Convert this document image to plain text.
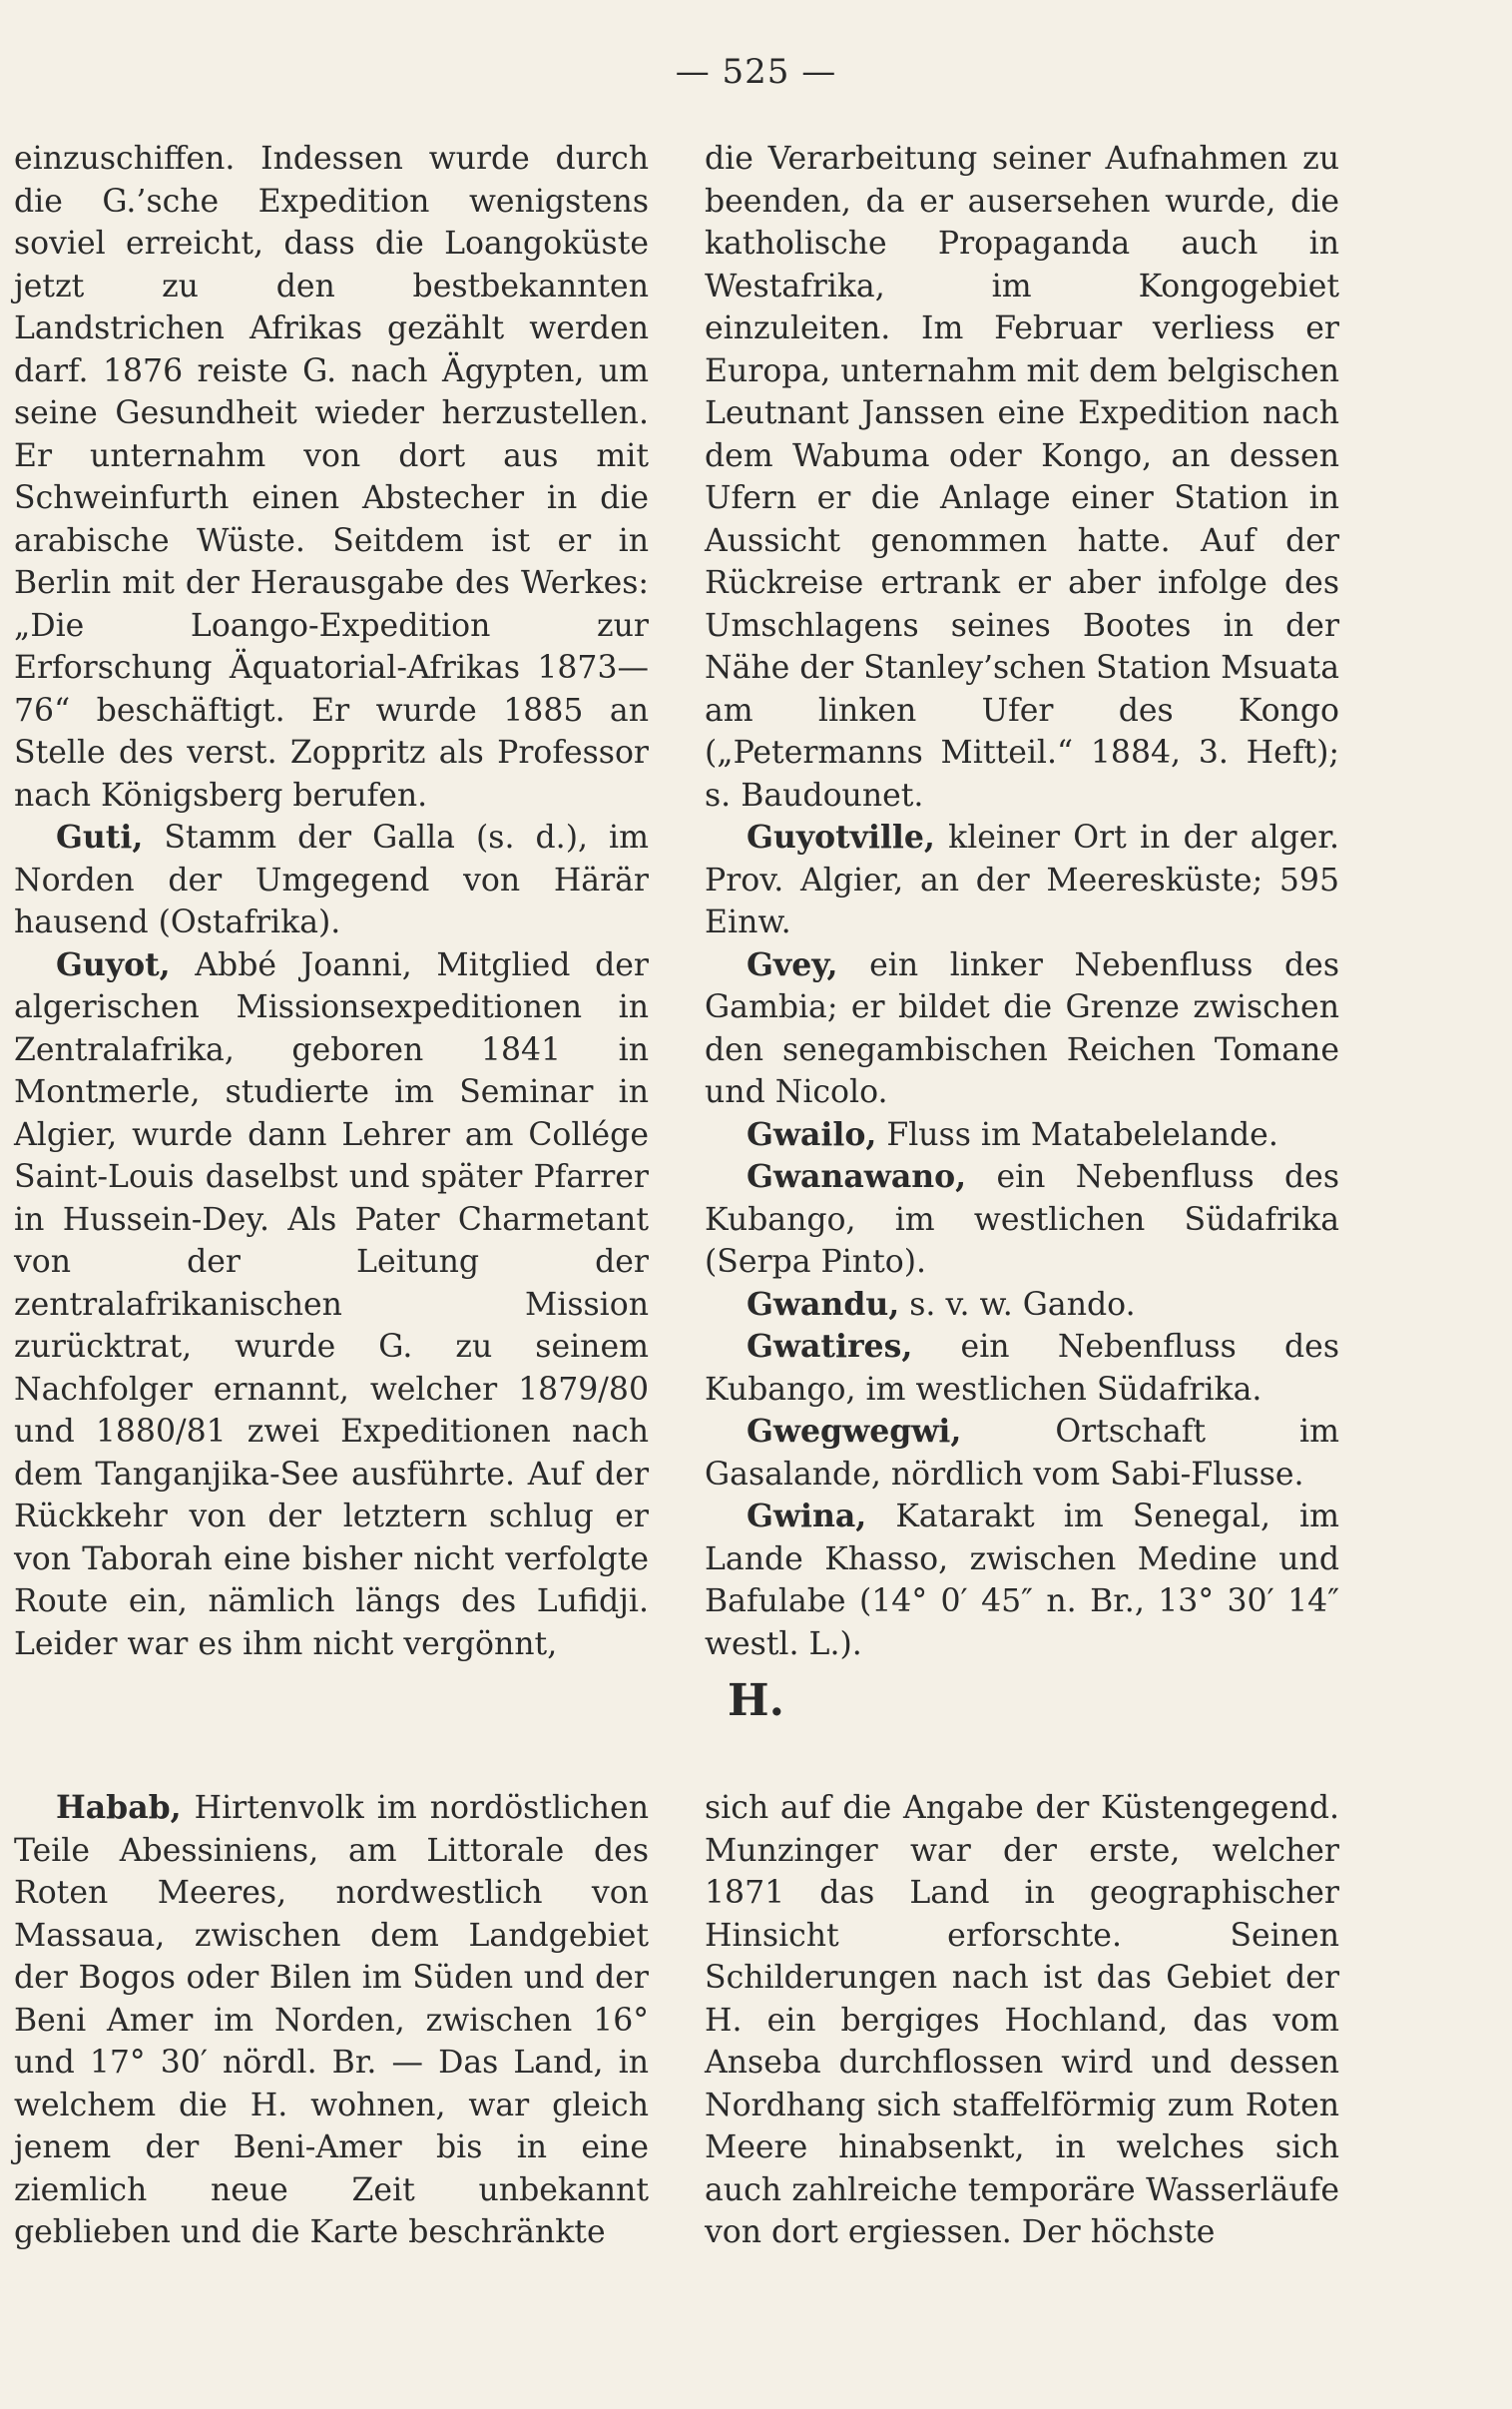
— 525 —

einzuschiffen. Indessen wurde durch die G.’sche Expedition wenigstens soviel erreicht, dass die Loangoküste jetzt zu den bestbekannten Landstrichen Afrikas gezählt werden darf. 1876 reiste G. nach Ägypten, um seine Gesundheit wieder herzustellen. Er unternahm von dort aus mit Schweinfurth einen Abstecher in die arabische Wüste. Seitdem ist er in Berlin mit der Herausgabe des Werkes: „Die Loango-Expedition zur Erforschung Äquatorial-Afrikas 1873—76“ beschäftigt. Er wurde 1885 an Stelle des verst. Zoppritz als Professor nach Königsberg berufen.

Guti, Stamm der Galla (s. d.), im Norden der Umgegend von Härär hausend (Ostafrika).

Guyot, Abbé Joanni, Mitglied der algerischen Missionsexpeditionen in Zentralafrika, geboren 1841 in Montmerle, studierte im Seminar in Algier, wurde dann Lehrer am Collége Saint-Louis daselbst und später Pfarrer in Hussein-Dey. Als Pater Charmetant von der Leitung der zentralafrikanischen Mission zurücktrat, wurde G. zu seinem Nachfolger ernannt, welcher 1879/80 und 1880/81 zwei Expeditionen nach dem Tanganjika-See ausführte. Auf der Rückkehr von der letztern schlug er von Taborah eine bisher nicht verfolgte Route ein, nämlich längs des Lufidji. Leider war es ihm nicht vergönnt,

die Verarbeitung seiner Aufnahmen zu beenden, da er ausersehen wurde, die katholische Propaganda auch in Westafrika, im Kongogebiet einzuleiten. Im Februar verliess er Europa, unternahm mit dem belgischen Leutnant Janssen eine Expedition nach dem Wabuma oder Kongo, an dessen Ufern er die Anlage einer Station in Aussicht genommen hatte. Auf der Rückreise ertrank er aber infolge des Umschlagens seines Bootes in der Nähe der Stanley’schen Station Msuata am linken Ufer des Kongo („Petermanns Mitteil.“ 1884, 3. Heft); s. Baudounet.

Guyotville, kleiner Ort in der alger. Prov. Algier, an der Meeresküste; 595 Einw.

Gvey, ein linker Nebenfluss des Gambia; er bildet die Grenze zwischen den senegambischen Reichen Tomane und Nicolo.

Gwailo, Fluss im Matabelelande.

Gwanawano, ein Nebenfluss des Kubango, im westlichen Südafrika (Serpa Pinto).

Gwandu, s. v. w. Gando.

Gwatires, ein Nebenfluss des Kubango, im westlichen Südafrika.

Gwegwegwi, Ortschaft im Gasalande, nördlich vom Sabi-Flusse.

Gwina, Katarakt im Senegal, im Lande Khasso, zwischen Medine und Bafulabe (14° 0′ 45″ n. Br., 13° 30′ 14″ westl. L.).

H.

Habab, Hirtenvolk im nordöstlichen Teile Abessiniens, am Littorale des Roten Meeres, nordwestlich von Massaua, zwischen dem Landgebiet der Bogos oder Bilen im Süden und der Beni Amer im Norden, zwischen 16° und 17° 30′ nördl. Br. — Das Land, in welchem die H. wohnen, war gleich jenem der Beni-Amer bis in eine ziemlich neue Zeit unbekannt geblieben und die Karte beschränkte

sich auf die Angabe der Küstengegend. Munzinger war der erste, welcher 1871 das Land in geographischer Hinsicht erforschte. Seinen Schilderungen nach ist das Gebiet der H. ein bergiges Hochland, das vom Anseba durchflossen wird und dessen Nordhang sich staffelförmig zum Roten Meere hinabsenkt, in welches sich auch zahlreiche temporäre Wasserläufe von dort ergiessen. Der höchste
